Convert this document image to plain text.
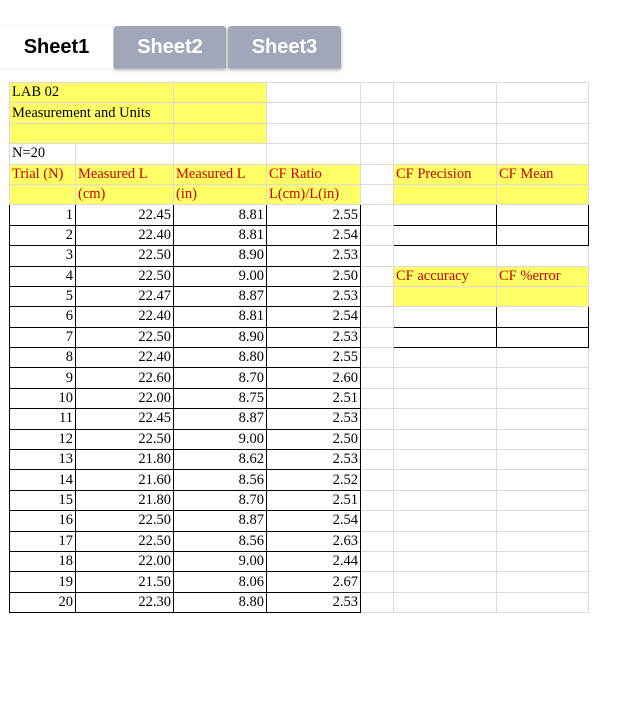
Sheet1	Sheet2	Sheet3
LAB 02						
Measurement and Units						

N=20						
Trial (N)	Measured L	Measured L	CF Ratio		CF Precision	CF Mean
	(cm)	(in)	L(cm)/L(in)			
1	22.45	8.81	2.55			
2	22.40	8.81	2.54			
3	22.50	8.90	2.53			
4	22.50	9.00	2.50		CF accuracy	CF %error
5	22.47	8.87	2.53			
6	22.40	8.81	2.54			
7	22.50	8.90	2.53			
8	22.40	8.80	2.55			
9	22.60	8.70	2.60			
10	22.00	8.75	2.51			
11	22.45	8.87	2.53			
12	22.50	9.00	2.50			
13	21.80	8.62	2.53			
14	21.60	8.56	2.52			
15	21.80	8.70	2.51			
16	22.50	8.87	2.54			
17	22.50	8.56	2.63			
18	22.00	9.00	2.44			
19	21.50	8.06	2.67			
20	22.30	8.80	2.53			
